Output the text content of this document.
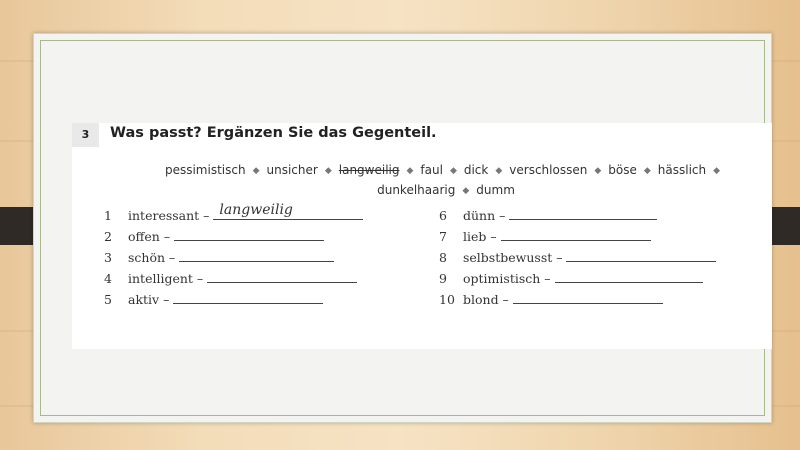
3	Was passt? Ergänzen Sie das Gegenteil.
pessimistisch ◆ unsicher ◆ langweilig ◆ faul ◆ dick ◆ verschlossen ◆ böse ◆ hässlich ◆
dunkelhaarig ◆ dumm
1 interessant – langweilig
2 offen –
3 schön –
4 intelligent –
5 aktiv –
6 dünn –
7 lieb –
8 selbstbewusst –
9 optimistisch –
10 blond –
